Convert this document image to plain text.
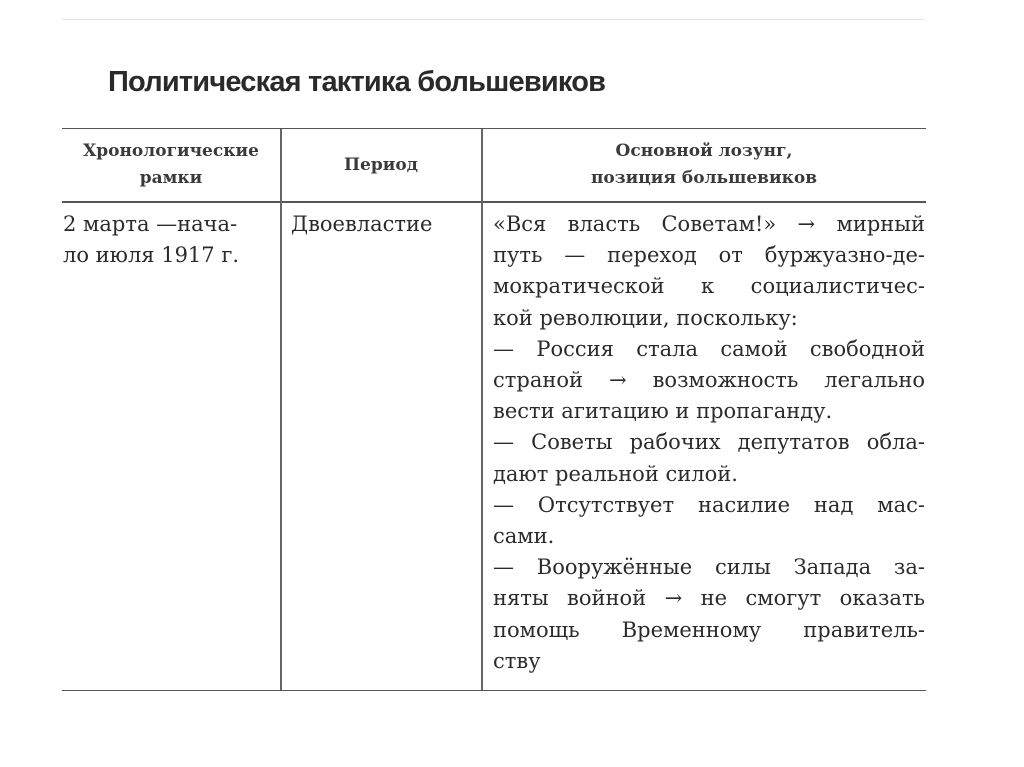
Политическая тактика большевиков
Хронологические
рамки
2 марта —нача-
ло июля 1917 г.
Период
Двоевластие
Основной лозунг,
позиция большевиков
«Вся власть Советам!» → мирный
путь — переход от буржуазно-де-
мократической к социалистичес-
кой революции, поскольку:
— Россия стала самой свободной
страной → возможность легально
вести агитацию и пропаганду.
— Советы рабочих депутатов обла-
дают реальной силой.
— Отсутствует насилие над мас-
сами.
— Вооружённые силы Запада за-
няты войной → не смогут оказать
помощь Временному правитель-
ству
